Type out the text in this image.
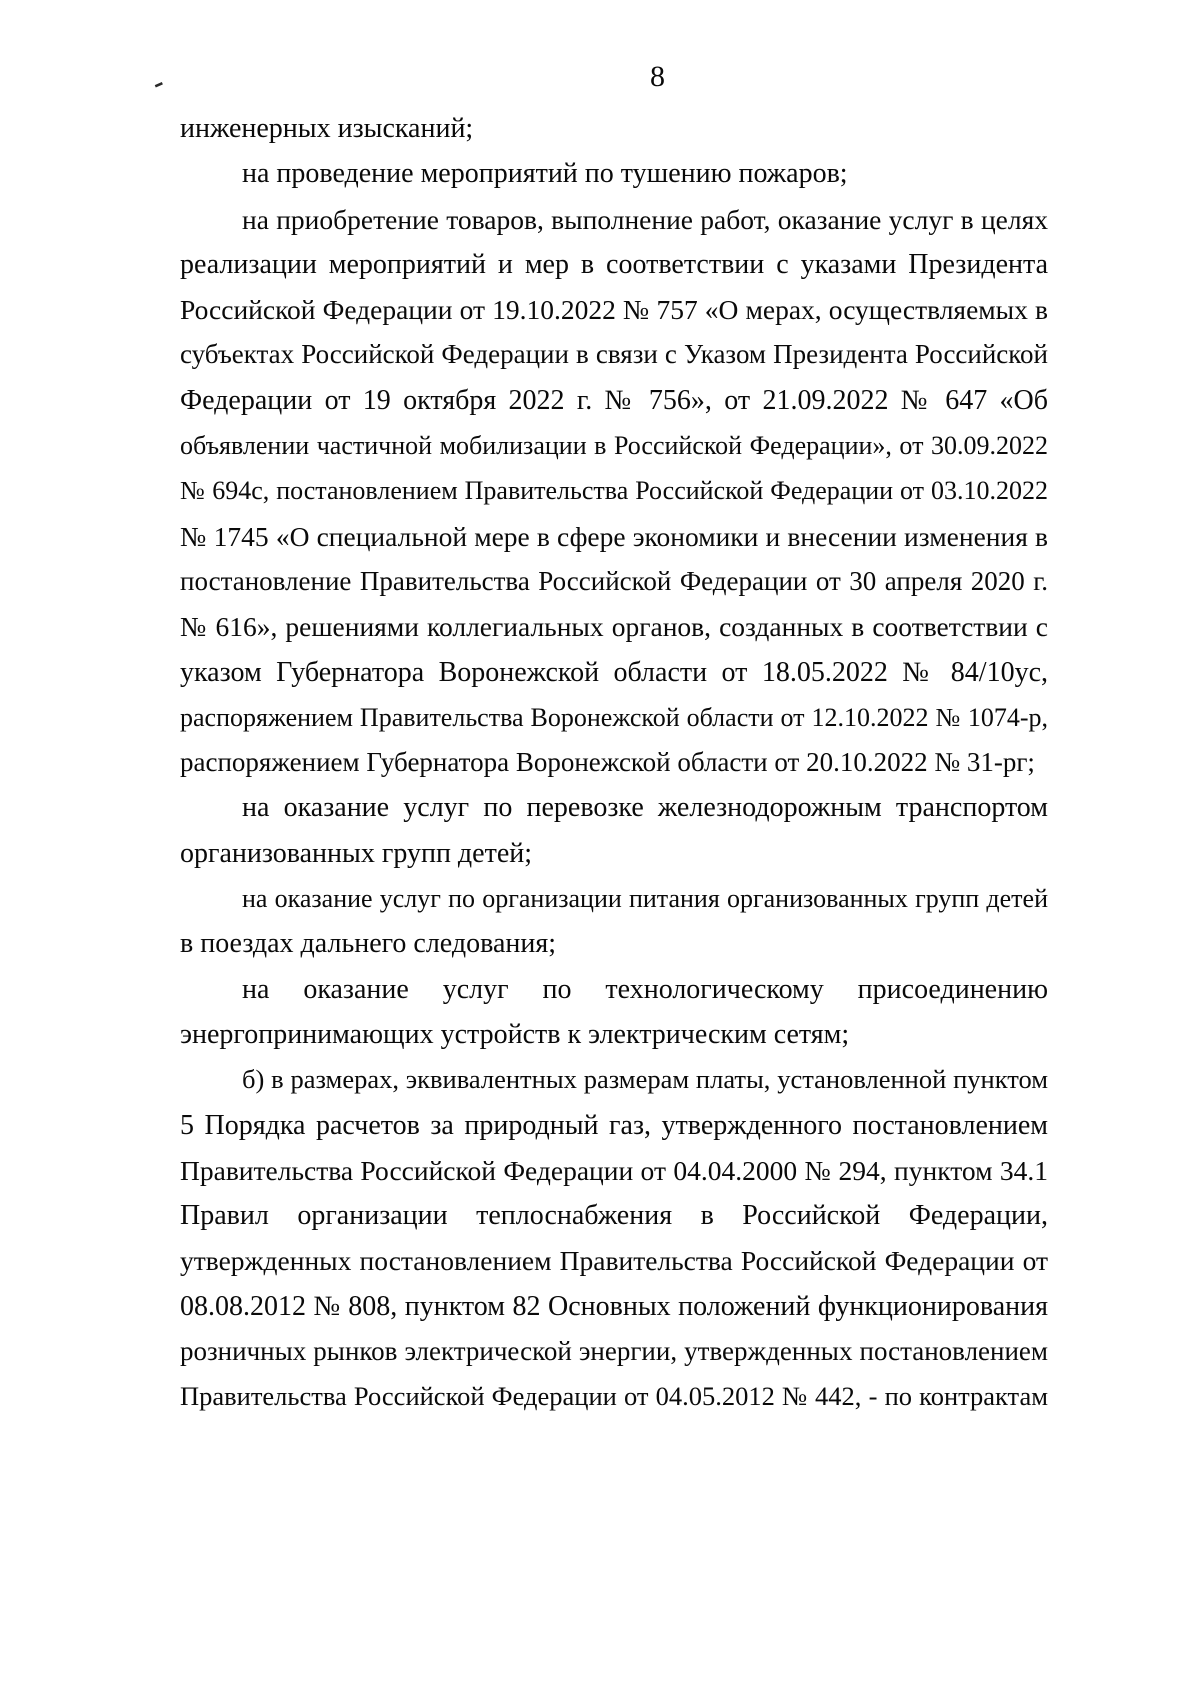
-	8
инженерных изысканий;
на проведение мероприятий по тушению пожаров;
на приобретение товаров, выполнение работ, оказание услуг в целях
реализации мероприятий и мер в соответствии с указами Президента
Российской Федерации от 19.10.2022 № 757 «О мерах, осуществляемых в
субъектах Российской Федерации в связи с Указом Президента Российской
Федерации от 19 октября 2022 г. № 756», от 21.09.2022 № 647 «Об
объявлении частичной мобилизации в Российской Федерации», от 30.09.2022
№ 694с, постановлением Правительства Российской Федерации от 03.10.2022
№ 1745 «О специальной мере в сфере экономики и внесении изменения в
постановление Правительства Российской Федерации от 30 апреля 2020 г.
№ 616», решениями коллегиальных органов, созданных в соответствии с
указом Губернатора Воронежской области от 18.05.2022 № 84/10ус,
распоряжением Правительства Воронежской области от 12.10.2022 № 1074-р,
распоряжением Губернатора Воронежской области от 20.10.2022 № 31-рг;
на оказание услуг по перевозке железнодорожным транспортом
организованных групп детей;
на оказание услуг по организации питания организованных групп детей
в поездах дальнего следования;
на оказание услуг по технологическому присоединению
энергопринимающих устройств к электрическим сетям;
б) в размерах, эквивалентных размерам платы, установленной пунктом
5 Порядка расчетов за природный газ, утвержденного постановлением
Правительства Российской Федерации от 04.04.2000 № 294, пунктом 34.1
Правил организации теплоснабжения в Российской Федерации,
утвержденных постановлением Правительства Российской Федерации от
08.08.2012 № 808, пунктом 82 Основных положений функционирования
розничных рынков электрической энергии, утвержденных постановлением
Правительства Российской Федерации от 04.05.2012 № 442, - по контрактам
